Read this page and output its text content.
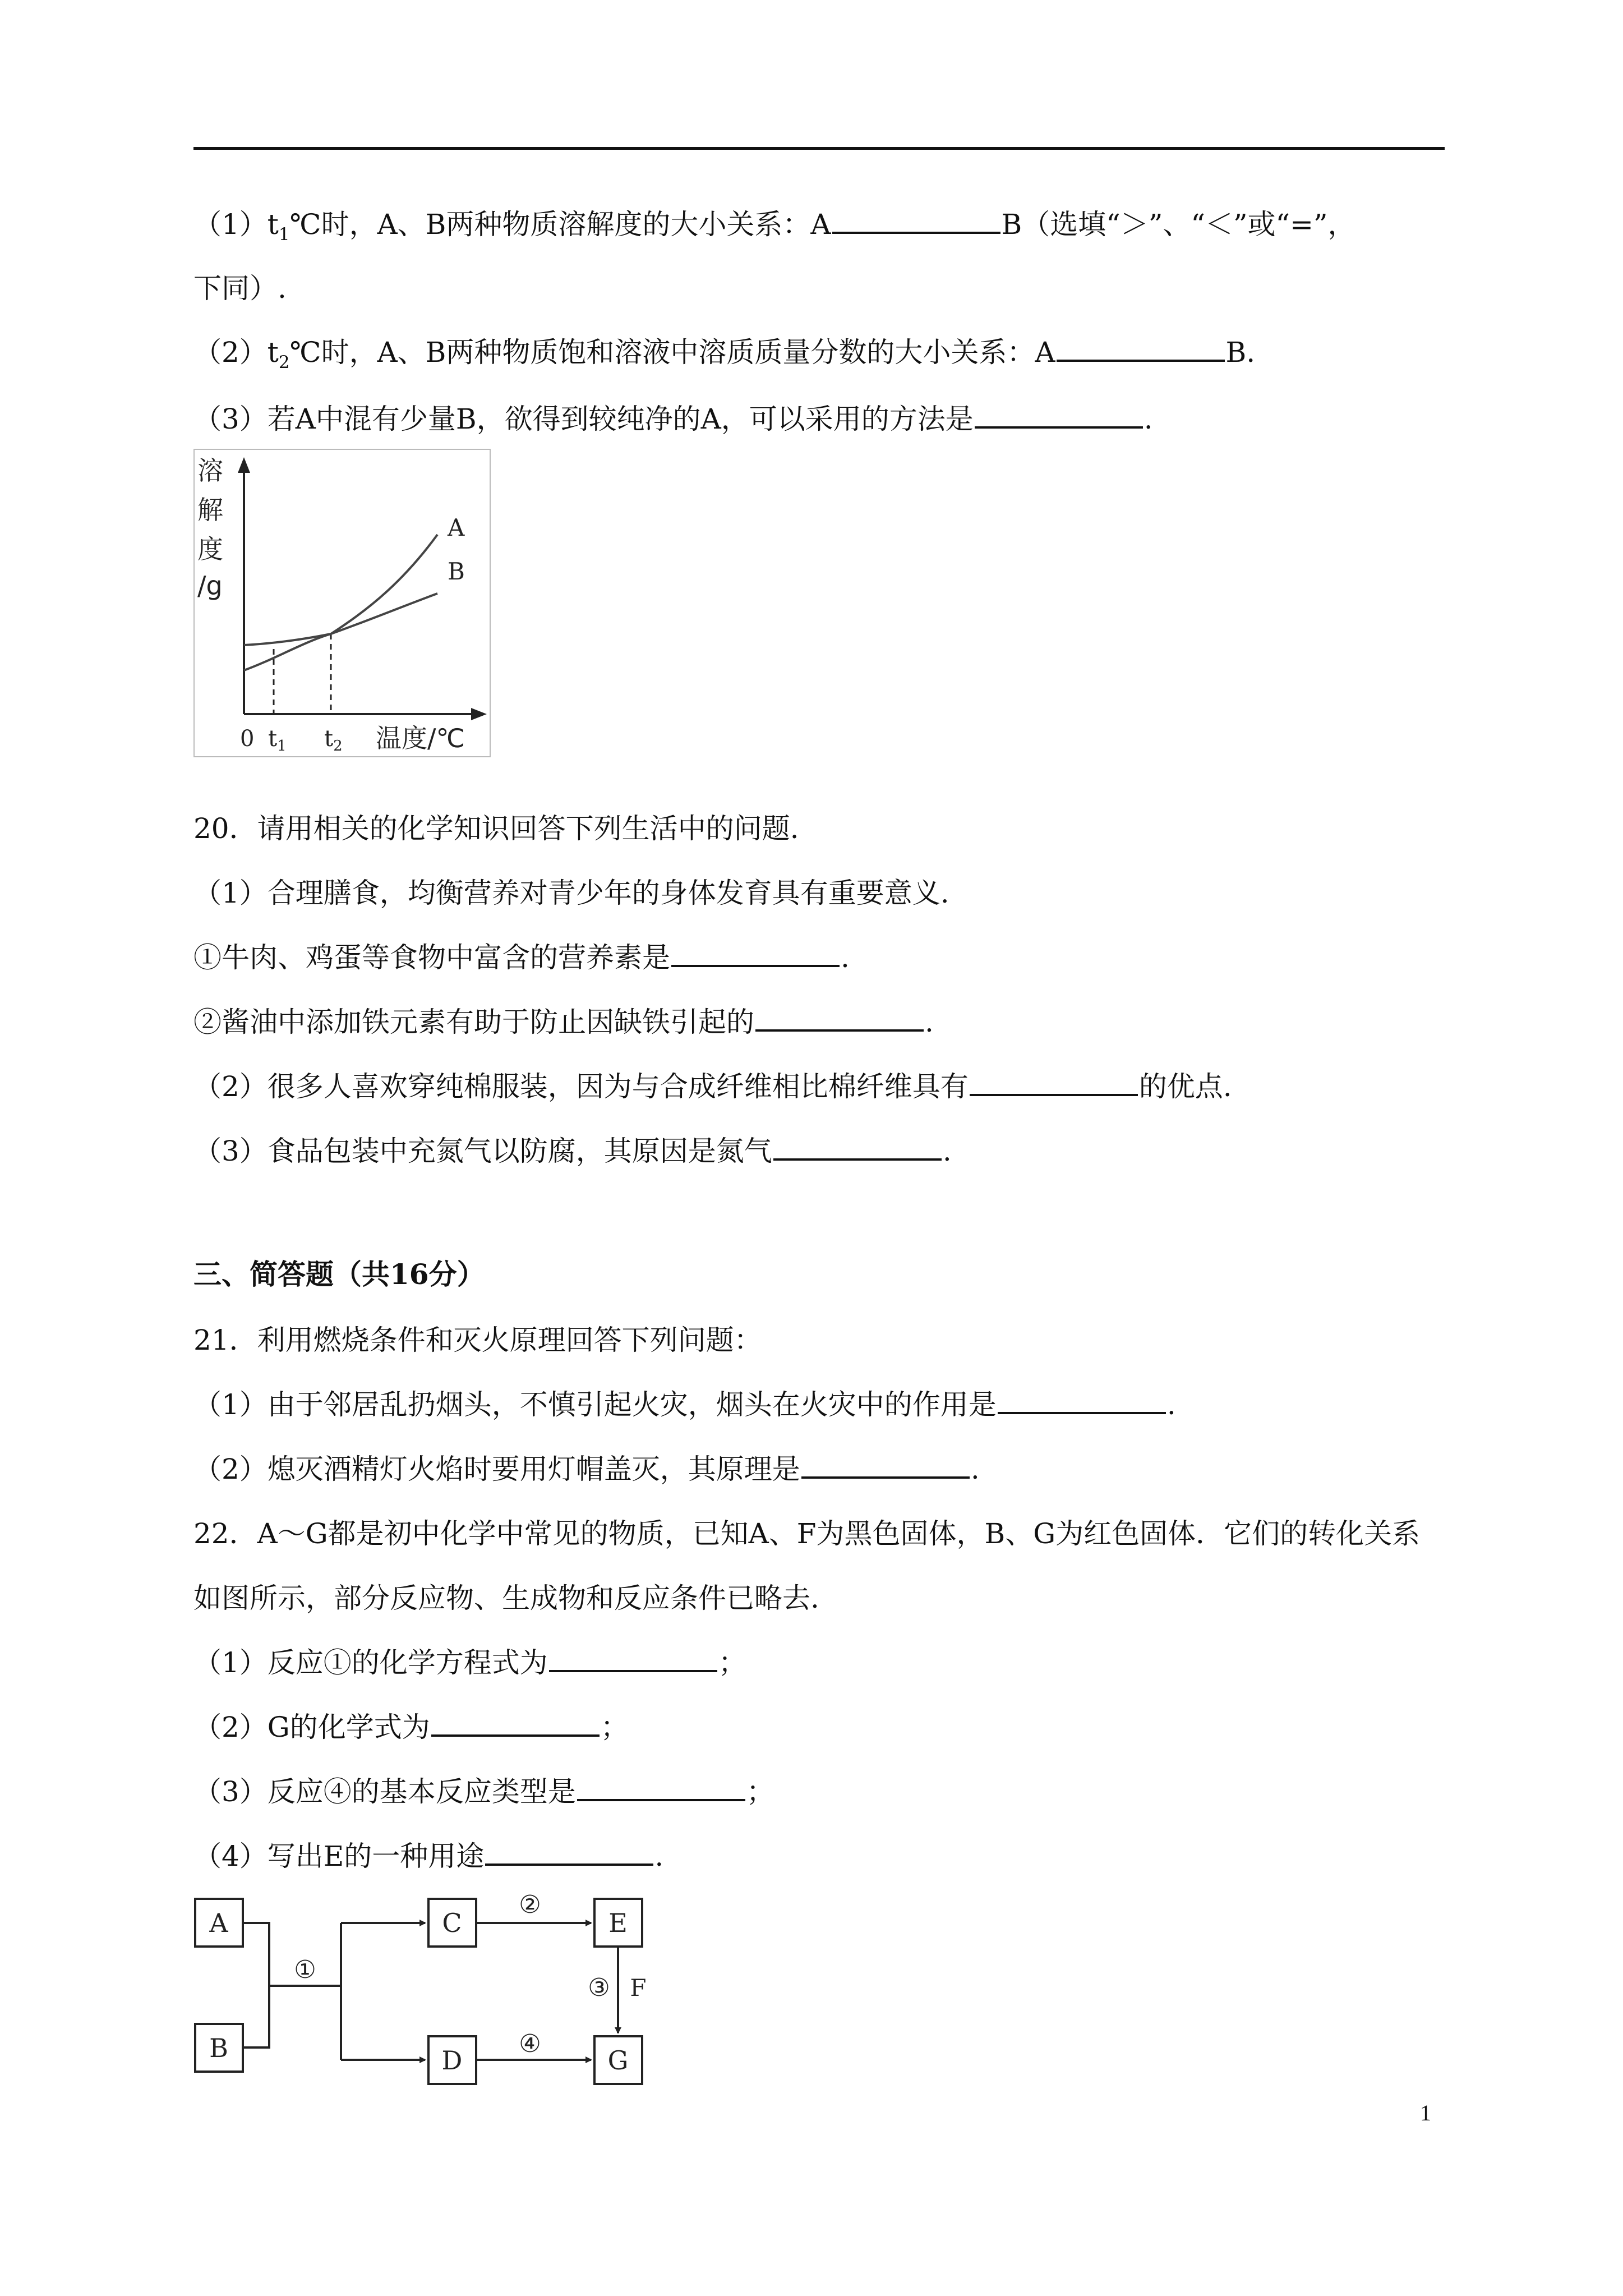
$(1)t_1℃$时，A、B两种物质溶解度的大小关系：A	B（选填“＞”、“＜”或“=”，
下同）.
$(2)t_2℃$时，A、B两种物质饱和溶液中溶质质量分数的大小关系：A	B.
（3）若A中混有少量B，欲得到较纯净的A，可以采用的方法是	.
溶
解
度
/g
A
B
0 $t_1$ $t_2$ 温度/℃
20．请用相关的化学知识回答下列生活中的问题.
（1）合理膳食，均衡营养对青少年的身体发育具有重要意义.
①牛肉、鸡蛋等食物中富含的营养素是	.
②酱油中添加铁元素有助于防止因缺铁引起的	.
（2）很多人喜欢穿纯棉服装，因为与合成纤维相比棉纤维具有	的优点.
（3）食品包装中充氮气以防腐，其原因是氮气	.
三、简答题（共16分）
21．利用燃烧条件和灭火原理回答下列问题：
（1）由于邻居乱扔烟头，不慎引起火灾，烟头在火灾中的作用是	.
（2）熄灭酒精灯火焰时要用灯帽盖灭，其原理是	.
22．A～G都是初中化学中常见的物质，已知A、F为黑色固体，B、G为红色固体．它们的转化关系
如图所示，部分反应物、生成物和反应条件已略去.
（1）反应①的化学方程式为	；
（2）G的化学式为	；
（3）反应④的基本反应类型是	；
（4）写出E的一种用途	.
A
B
C
D
E
G
①
②
③ F
④
1
